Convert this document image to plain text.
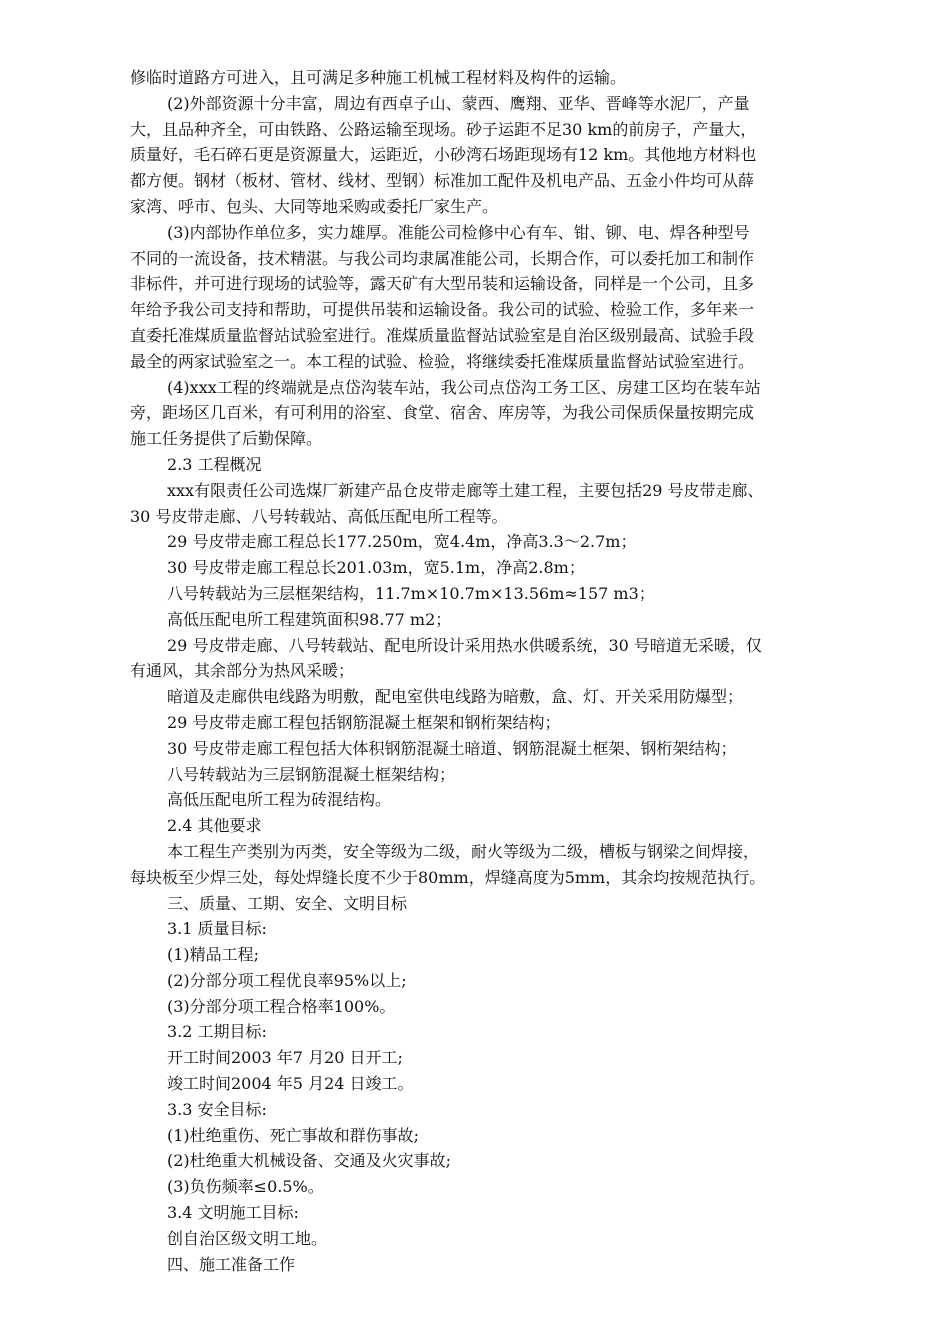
修临时道路方可进入，且可满足多种施工机械工程材料及构件的运输。
(2)外部资源十分丰富，周边有西卓子山、蒙西、鹰翔、亚华、晋峰等水泥厂，产量
大，且品种齐全，可由铁路、公路运输至现场。砂子运距不足30 km的前房子，产量大，
质量好，毛石碎石更是资源量大，运距近，小砂湾石场距现场有12 km。其他地方材料也
都方便。钢材（板材、管材、线材、型钢）标准加工配件及机电产品、五金小件均可从薛
家湾、呼市、包头、大同等地采购或委托厂家生产。
(3)内部协作单位多，实力雄厚。准能公司检修中心有车、钳、铆、电、焊各种型号
不同的一流设备，技术精湛。与我公司均隶属准能公司，长期合作，可以委托加工和制作
非标件，并可进行现场的试验等，露天矿有大型吊装和运输设备，同样是一个公司，且多
年给予我公司支持和帮助，可提供吊装和运输设备。我公司的试验、检验工作，多年来一
直委托准煤质量监督站试验室进行。准煤质量监督站试验室是自治区级别最高、试验手段
最全的两家试验室之一。本工程的试验、检验，将继续委托准煤质量监督站试验室进行。
(4)xxx工程的终端就是点岱沟装车站，我公司点岱沟工务工区、房建工区均在装车站
旁，距场区几百米，有可利用的浴室、食堂、宿舍、库房等，为我公司保质保量按期完成
施工任务提供了后勤保障。
2.3 工程概况
xxx有限责任公司选煤厂新建产品仓皮带走廊等土建工程，主要包括29 号皮带走廊、
30 号皮带走廊、八号转载站、高低压配电所工程等。
29 号皮带走廊工程总长177.250m，宽4.4m，净高3.3～2.7m；
30 号皮带走廊工程总长201.03m，宽5.1m，净高2.8m；
八号转载站为三层框架结构，11.7m×10.7m×13.56m≈157 m3；
高低压配电所工程建筑面积98.77 m2；
29 号皮带走廊、八号转载站、配电所设计采用热水供暖系统，30 号暗道无采暖，仅
有通风，其余部分为热风采暖；
暗道及走廊供电线路为明敷，配电室供电线路为暗敷，盒、灯、开关采用防爆型；
29 号皮带走廊工程包括钢筋混凝土框架和钢桁架结构；
30 号皮带走廊工程包括大体积钢筋混凝土暗道、钢筋混凝土框架、钢桁架结构；
八号转载站为三层钢筋混凝土框架结构；
高低压配电所工程为砖混结构。
2.4 其他要求
本工程生产类别为丙类，安全等级为二级，耐火等级为二级，槽板与钢梁之间焊接，
每块板至少焊三处，每处焊缝长度不少于80mm，焊缝高度为5mm，其余均按规范执行。
三、质量、工期、安全、文明目标
3.1 质量目标:
(1)精品工程;
(2)分部分项工程优良率95%以上;
(3)分部分项工程合格率100%。
3.2 工期目标:
开工时间2003 年7 月20 日开工;
竣工时间2004 年5 月24 日竣工。
3.3 安全目标:
(1)杜绝重伤、死亡事故和群伤事故;
(2)杜绝重大机械设备、交通及火灾事故;
(3)负伤频率≤0.5%。
3.4 文明施工目标:
创自治区级文明工地。
四、施工准备工作
